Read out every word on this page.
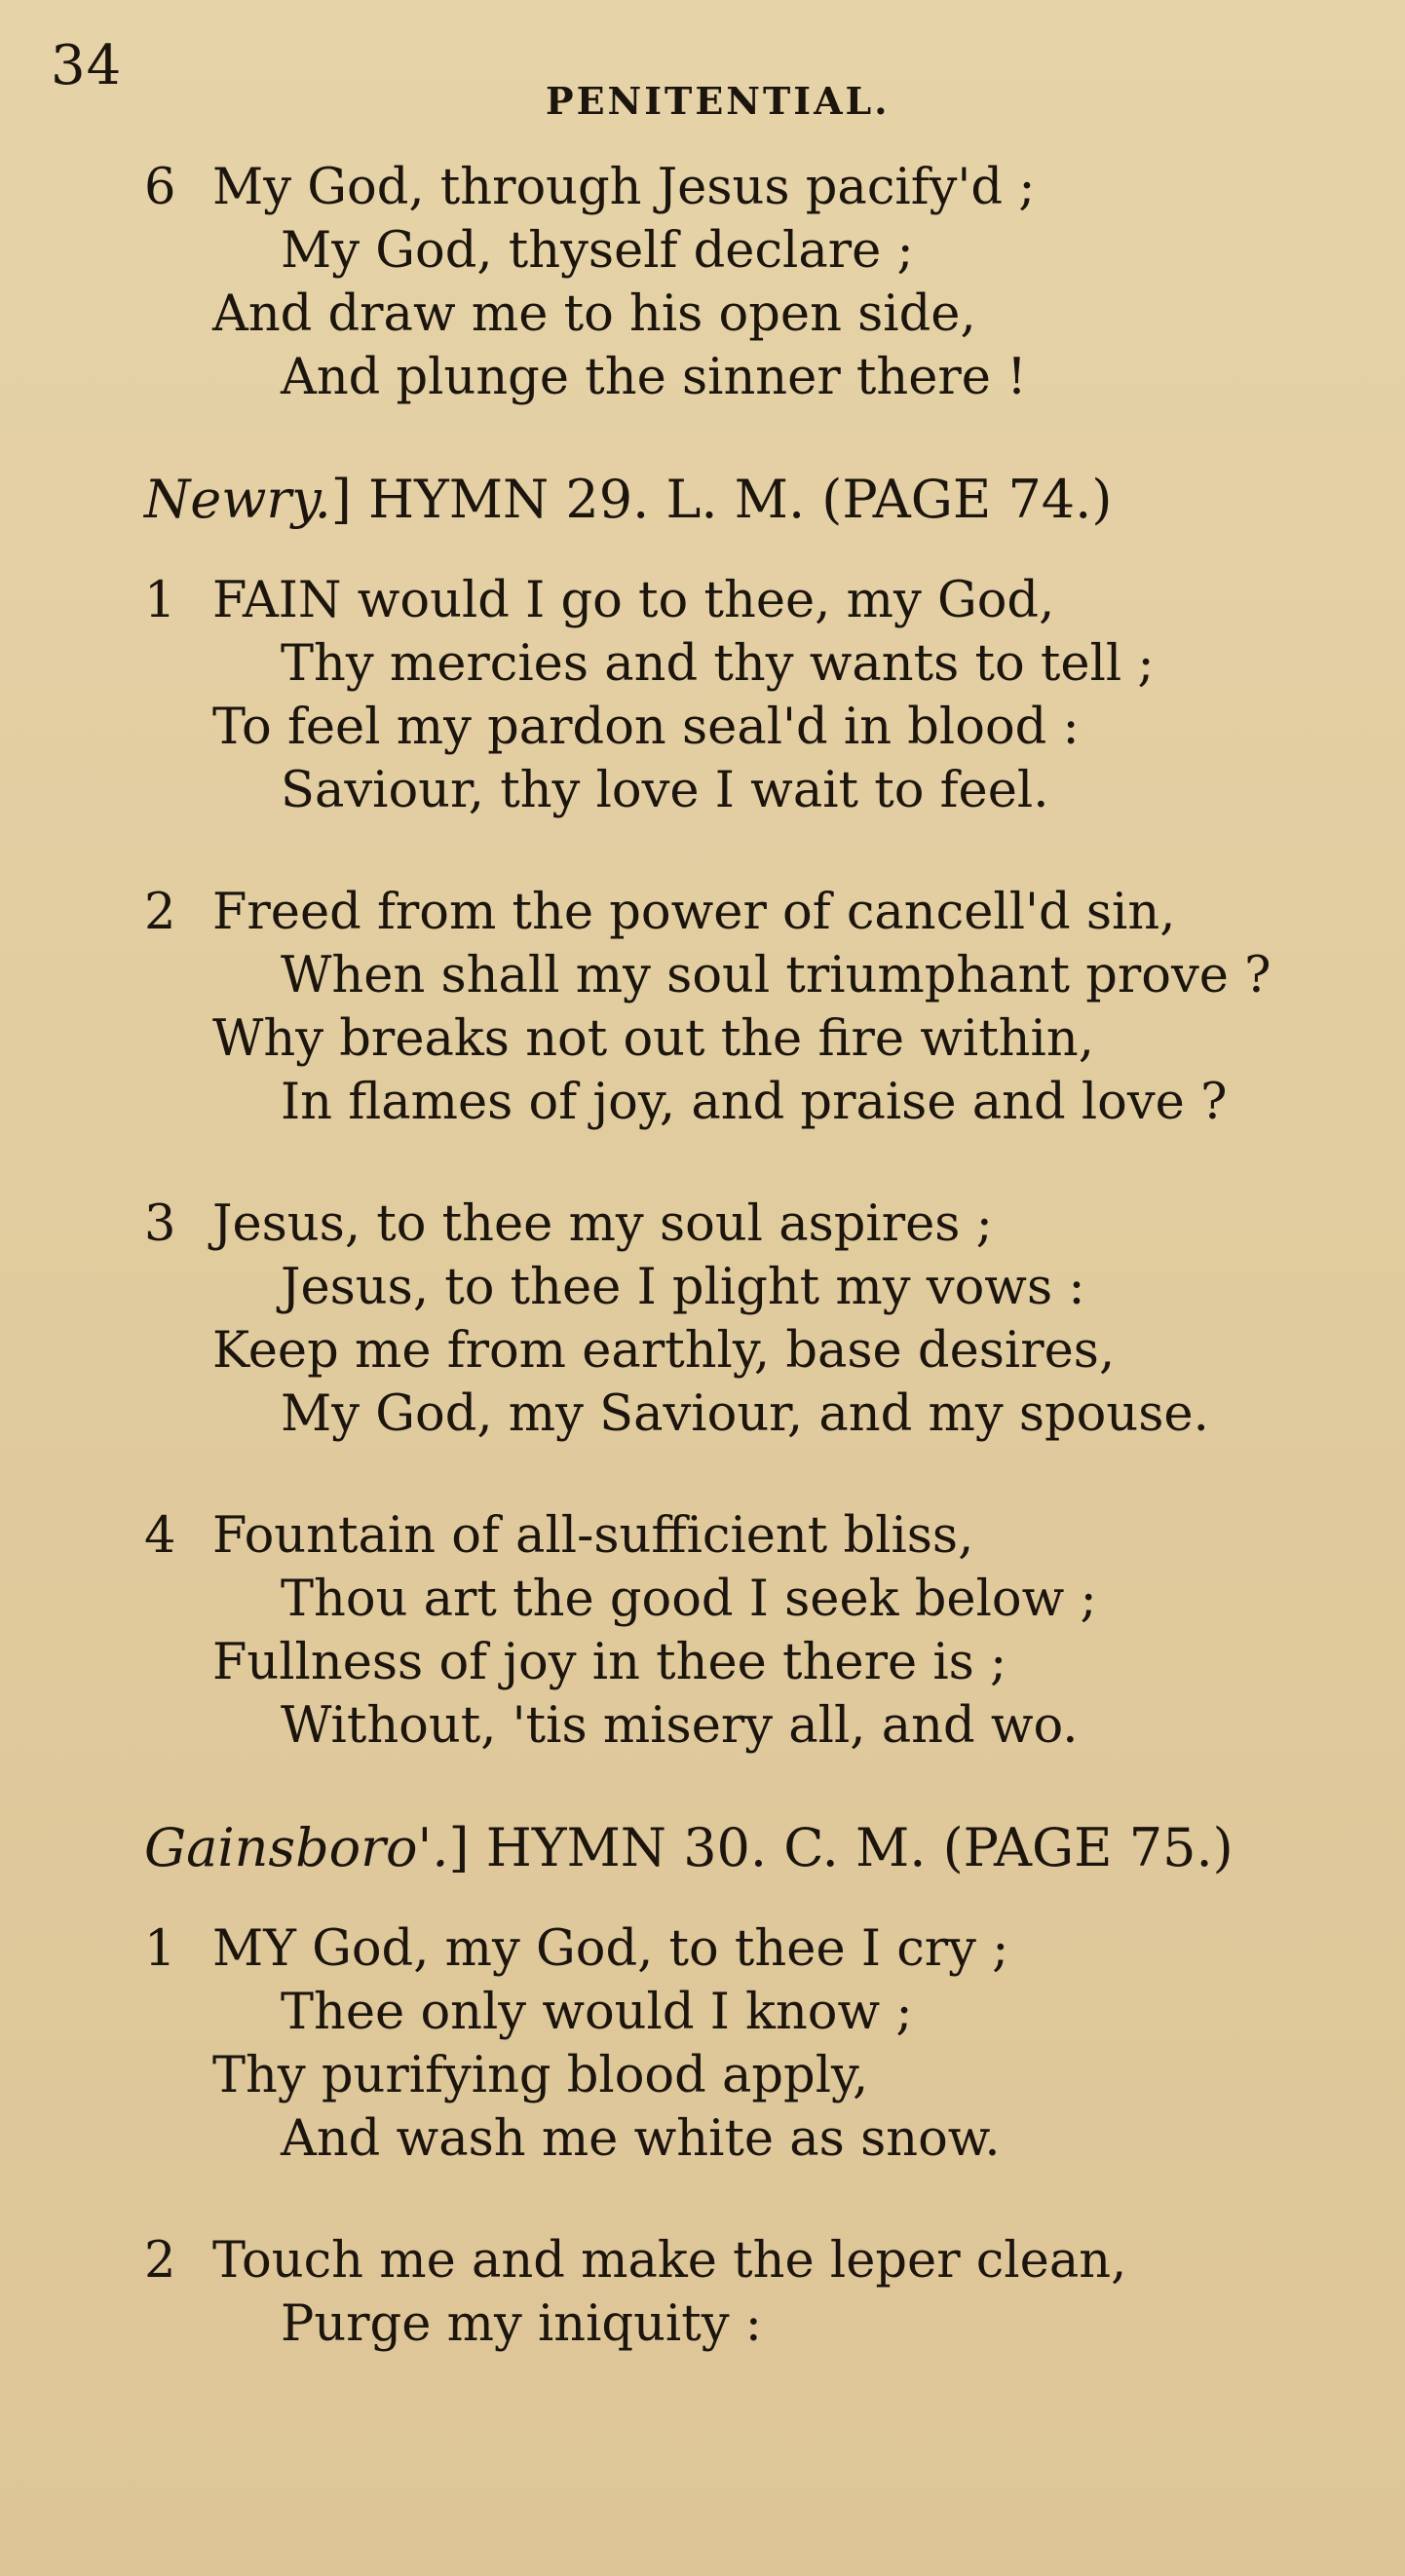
34
PENITENTIAL.
6 My God, through Jesus pacify'd ;
My God, thyself declare ;
And draw me to his open side,
And plunge the sinner there !
Newry.] HYMN 29. L. M. (PAGE 74.)
1 FAIN would I go to thee, my God,
Thy mercies and thy wants to tell ;
To feel my pardon seal'd in blood :
Saviour, thy love I wait to feel.
2 Freed from the power of cancell'd sin,
When shall my soul triumphant prove ?
Why breaks not out the fire within,
In flames of joy, and praise and love ?
3 Jesus, to thee my soul aspires ;
Jesus, to thee I plight my vows :
Keep me from earthly, base desires,
My God, my Saviour, and my spouse.
4 Fountain of all-sufficient bliss,
Thou art the good I seek below ;
Fullness of joy in thee there is ;
Without, 'tis misery all, and wo.
Gainsboro'.] HYMN 30. C. M. (PAGE 75.)
1 MY God, my God, to thee I cry ;
Thee only would I know ;
Thy purifying blood apply,
And wash me white as snow.
2 Touch me and make the leper clean,
Purge my iniquity :
